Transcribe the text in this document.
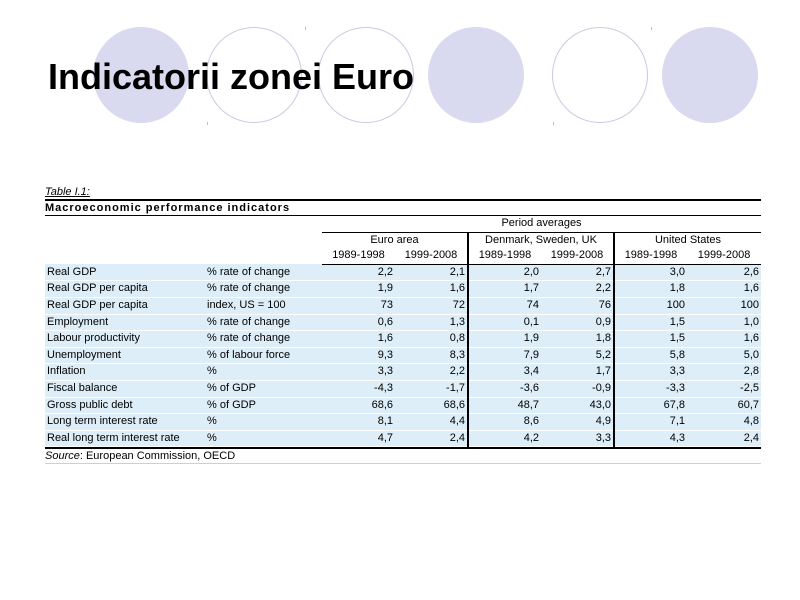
Indicatorii zonei Euro
Table I.1:
Macroeconomic performance indicators
		Period averages					
		Euro area		Denmark, Sweden, UK		United States	
		1989-1998	1999-2008	1989-1998	1999-2008	1989-1998	1999-2008
Real GDP	% rate of change	2,2	2,1	2,0	2,7	3,0	2,6
Real GDP per capita	% rate of change	1,9	1,6	1,7	2,2	1,8	1,6
Real GDP per capita	index, US = 100	73	72	74	76	100	100
Employment	% rate of change	0,6	1,3	0,1	0,9	1,5	1,0
Labour productivity	% rate of change	1,6	0,8	1,9	1,8	1,5	1,6
Unemployment	% of labour force	9,3	8,3	7,9	5,2	5,8	5,0
Inflation	%	3,3	2,2	3,4	1,7	3,3	2,8
Fiscal balance	% of GDP	-4,3	-1,7	-3,6	-0,9	-3,3	-2,5
Gross public debt	% of GDP	68,6	68,6	48,7	43,0	67,8	60,7
Long term interest rate	%	8,1	4,4	8,6	4,9	7,1	4,8
Real long term interest rate	%	4,7	2,4	4,2	3,3	4,3	2,4
Source: European Commission, OECD
